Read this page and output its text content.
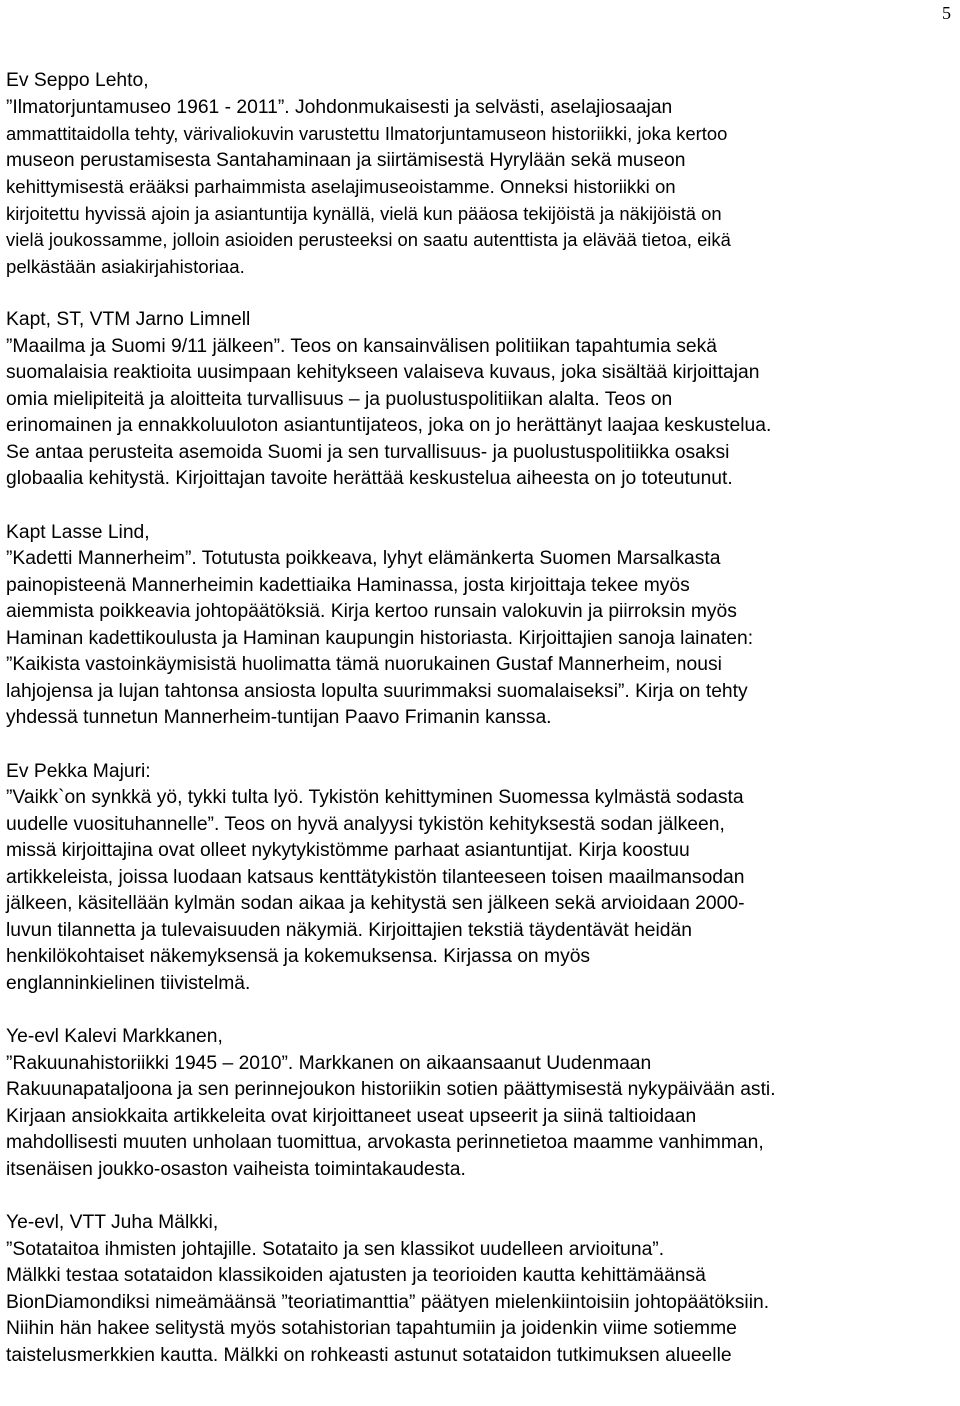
5

Ev Seppo Lehto,

”Ilmatorjuntamuseo 1961 - 2011”. Johdonmukaisesti ja selvästi, aselajiosaajan

ammattitaidolla tehty, värivaliokuvin varustettu Ilmatorjuntamuseon historiikki, joka kertoo

museon perustamisesta Santahaminaan ja siirtämisestä Hyrylään sekä museon

kehittymisestä erääksi parhaimmista aselajimuseoistamme. Onneksi historiikki on

kirjoitettu hyvissä ajoin ja asiantuntija kynällä, vielä kun pääosa tekijöistä ja näkijöistä on

vielä joukossamme, jolloin asioiden perusteeksi on saatu autenttista ja elävää tietoa, eikä

pelkästään asiakirjahistoriaa.

Kapt, ST, VTM Jarno Limnell

”Maailma ja Suomi 9/11 jälkeen”. Teos on kansainvälisen politiikan tapahtumia sekä

suomalaisia reaktioita uusimpaan kehitykseen valaiseva kuvaus, joka sisältää kirjoittajan

omia mielipiteitä ja aloitteita turvallisuus – ja puolustuspolitiikan alalta. Teos on

erinomainen ja ennakkoluuloton asiantuntijateos, joka on jo herättänyt laajaa keskustelua.

Se antaa perusteita asemoida Suomi ja sen turvallisuus- ja puolustuspolitiikka osaksi

globaalia kehitystä. Kirjoittajan tavoite herättää keskustelua aiheesta on jo toteutunut.

Kapt Lasse Lind,

”Kadetti Mannerheim”. Totutusta poikkeava, lyhyt elämänkerta Suomen Marsalkasta

painopisteenä Mannerheimin kadettiaika Haminassa, josta kirjoittaja tekee myös

aiemmista poikkeavia johtopäätöksiä. Kirja kertoo runsain valokuvin ja piirroksin myös

Haminan kadettikoulusta ja Haminan kaupungin historiasta. Kirjoittajien sanoja lainaten:

”Kaikista vastoinkäymisistä huolimatta tämä nuorukainen Gustaf Mannerheim, nousi

lahjojensa ja lujan tahtonsa ansiosta lopulta suurimmaksi suomalaiseksi”. Kirja on tehty

yhdessä tunnetun Mannerheim-tuntijan Paavo Frimanin kanssa.

Ev Pekka Majuri:

”Vaikk`on synkkä yö, tykki tulta lyö. Tykistön kehittyminen Suomessa kylmästä sodasta

uudelle vuosituhannelle”. Teos on hyvä analyysi tykistön kehityksestä sodan jälkeen,

missä kirjoittajina ovat olleet nykytykistömme parhaat asiantuntijat. Kirja koostuu

artikkeleista, joissa luodaan katsaus kenttätykistön tilanteeseen toisen maailmansodan

jälkeen, käsitellään kylmän sodan aikaa ja kehitystä sen jälkeen sekä arvioidaan 2000-

luvun tilannetta ja tulevaisuuden näkymiä. Kirjoittajien tekstiä täydentävät heidän

henkilökohtaiset näkemyksensä ja kokemuksensa. Kirjassa on myös

englanninkielinen tiivistelmä.

Ye-evl Kalevi Markkanen,

”Rakuunahistoriikki 1945 – 2010”. Markkanen on aikaansaanut Uudenmaan

Rakuunapataljoona ja sen perinnejoukon historiikin sotien päättymisestä nykypäivään asti.

Kirjaan ansiokkaita artikkeleita ovat kirjoittaneet useat upseerit ja siinä taltioidaan

mahdollisesti muuten unholaan tuomittua, arvokasta perinnetietoa maamme vanhimman,

itsenäisen joukko-osaston vaiheista toimintakaudesta.

Ye-evl, VTT Juha Mälkki,

”Sotataitoa ihmisten johtajille. Sotataito ja sen klassikot uudelleen arvioituna”.

Mälkki testaa sotataidon klassikoiden ajatusten ja teorioiden kautta kehittämäänsä

BionDiamondiksi nimeämäänsä ”teoriatimanttia” päätyen mielenkiintoisiin johtopäätöksiin.

Niihin hän hakee selitystä myös sotahistorian tapahtumiin ja joidenkin viime sotiemme

taistelusmerkkien kautta. Mälkki on rohkeasti astunut sotataidon tutkimuksen alueelle
